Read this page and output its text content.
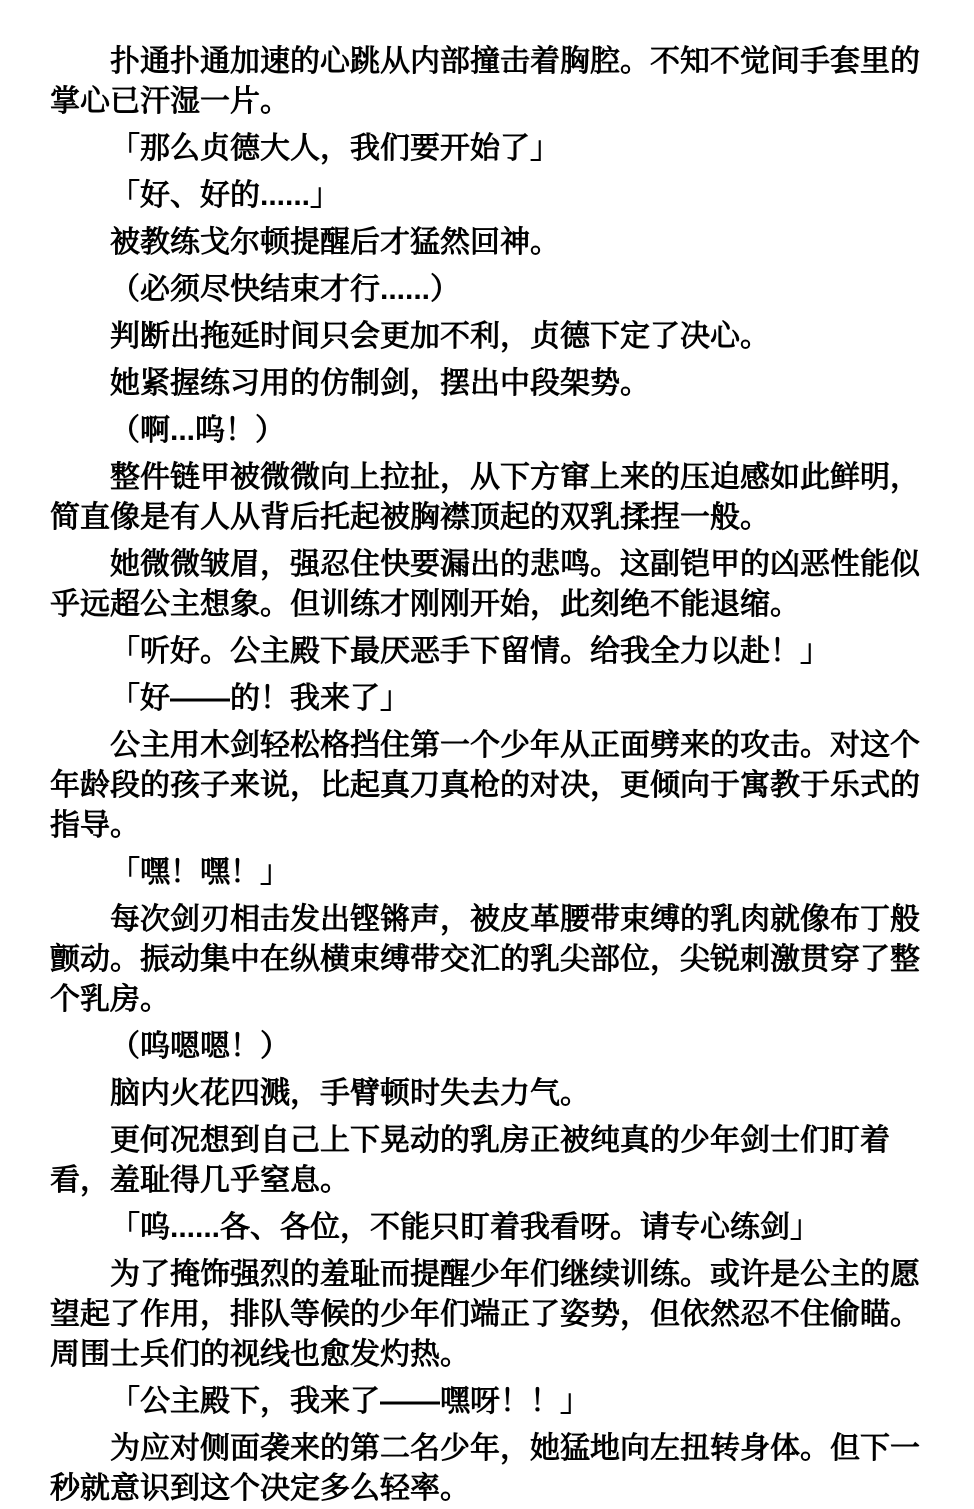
扑通扑通加速的心跳从内部撞击着胸腔。不知不觉间手套里的掌心已汗湿一片。

「那么贞德大人，我们要开始了」

「好、好的......」

被教练戈尔顿提醒后才猛然回神。

（必须尽快结束才行......）

判断出拖延时间只会更加不利，贞德下定了决心。

她紧握练习用的仿制剑，摆出中段架势。

（啊...呜！）

整件链甲被微微向上拉扯，从下方窜上来的压迫感如此鲜明，简直像是有人从背后托起被胸襟顶起的双乳揉捏一般。

她微微皱眉，强忍住快要漏出的悲鸣。这副铠甲的凶恶性能似乎远超公主想象。但训练才刚刚开始，此刻绝不能退缩。

「听好。公主殿下最厌恶手下留情。给我全力以赴！」

「好——的！我来了」

公主用木剑轻松格挡住第一个少年从正面劈来的攻击。对这个年龄段的孩子来说，比起真刀真枪的对决，更倾向于寓教于乐式的指导。

「嘿！嘿！」

每次剑刃相击发出铿锵声，被皮革腰带束缚的乳肉就像布丁般颤动。振动集中在纵横束缚带交汇的乳尖部位，尖锐刺激贯穿了整个乳房。

（呜嗯嗯！）

脑内火花四溅，手臂顿时失去力气。

更何况想到自己上下晃动的乳房正被纯真的少年剑士们盯着看，羞耻得几乎窒息。

「呜......各、各位，不能只盯着我看呀。请专心练剑」

为了掩饰强烈的羞耻而提醒少年们继续训练。或许是公主的愿望起了作用，排队等候的少年们端正了姿势，但依然忍不住偷瞄。周围士兵们的视线也愈发灼热。

「公主殿下，我来了——嘿呀！！」

为应对侧面袭来的第二名少年，她猛地向左扭转身体。但下一秒就意识到这个决定多么轻率。
